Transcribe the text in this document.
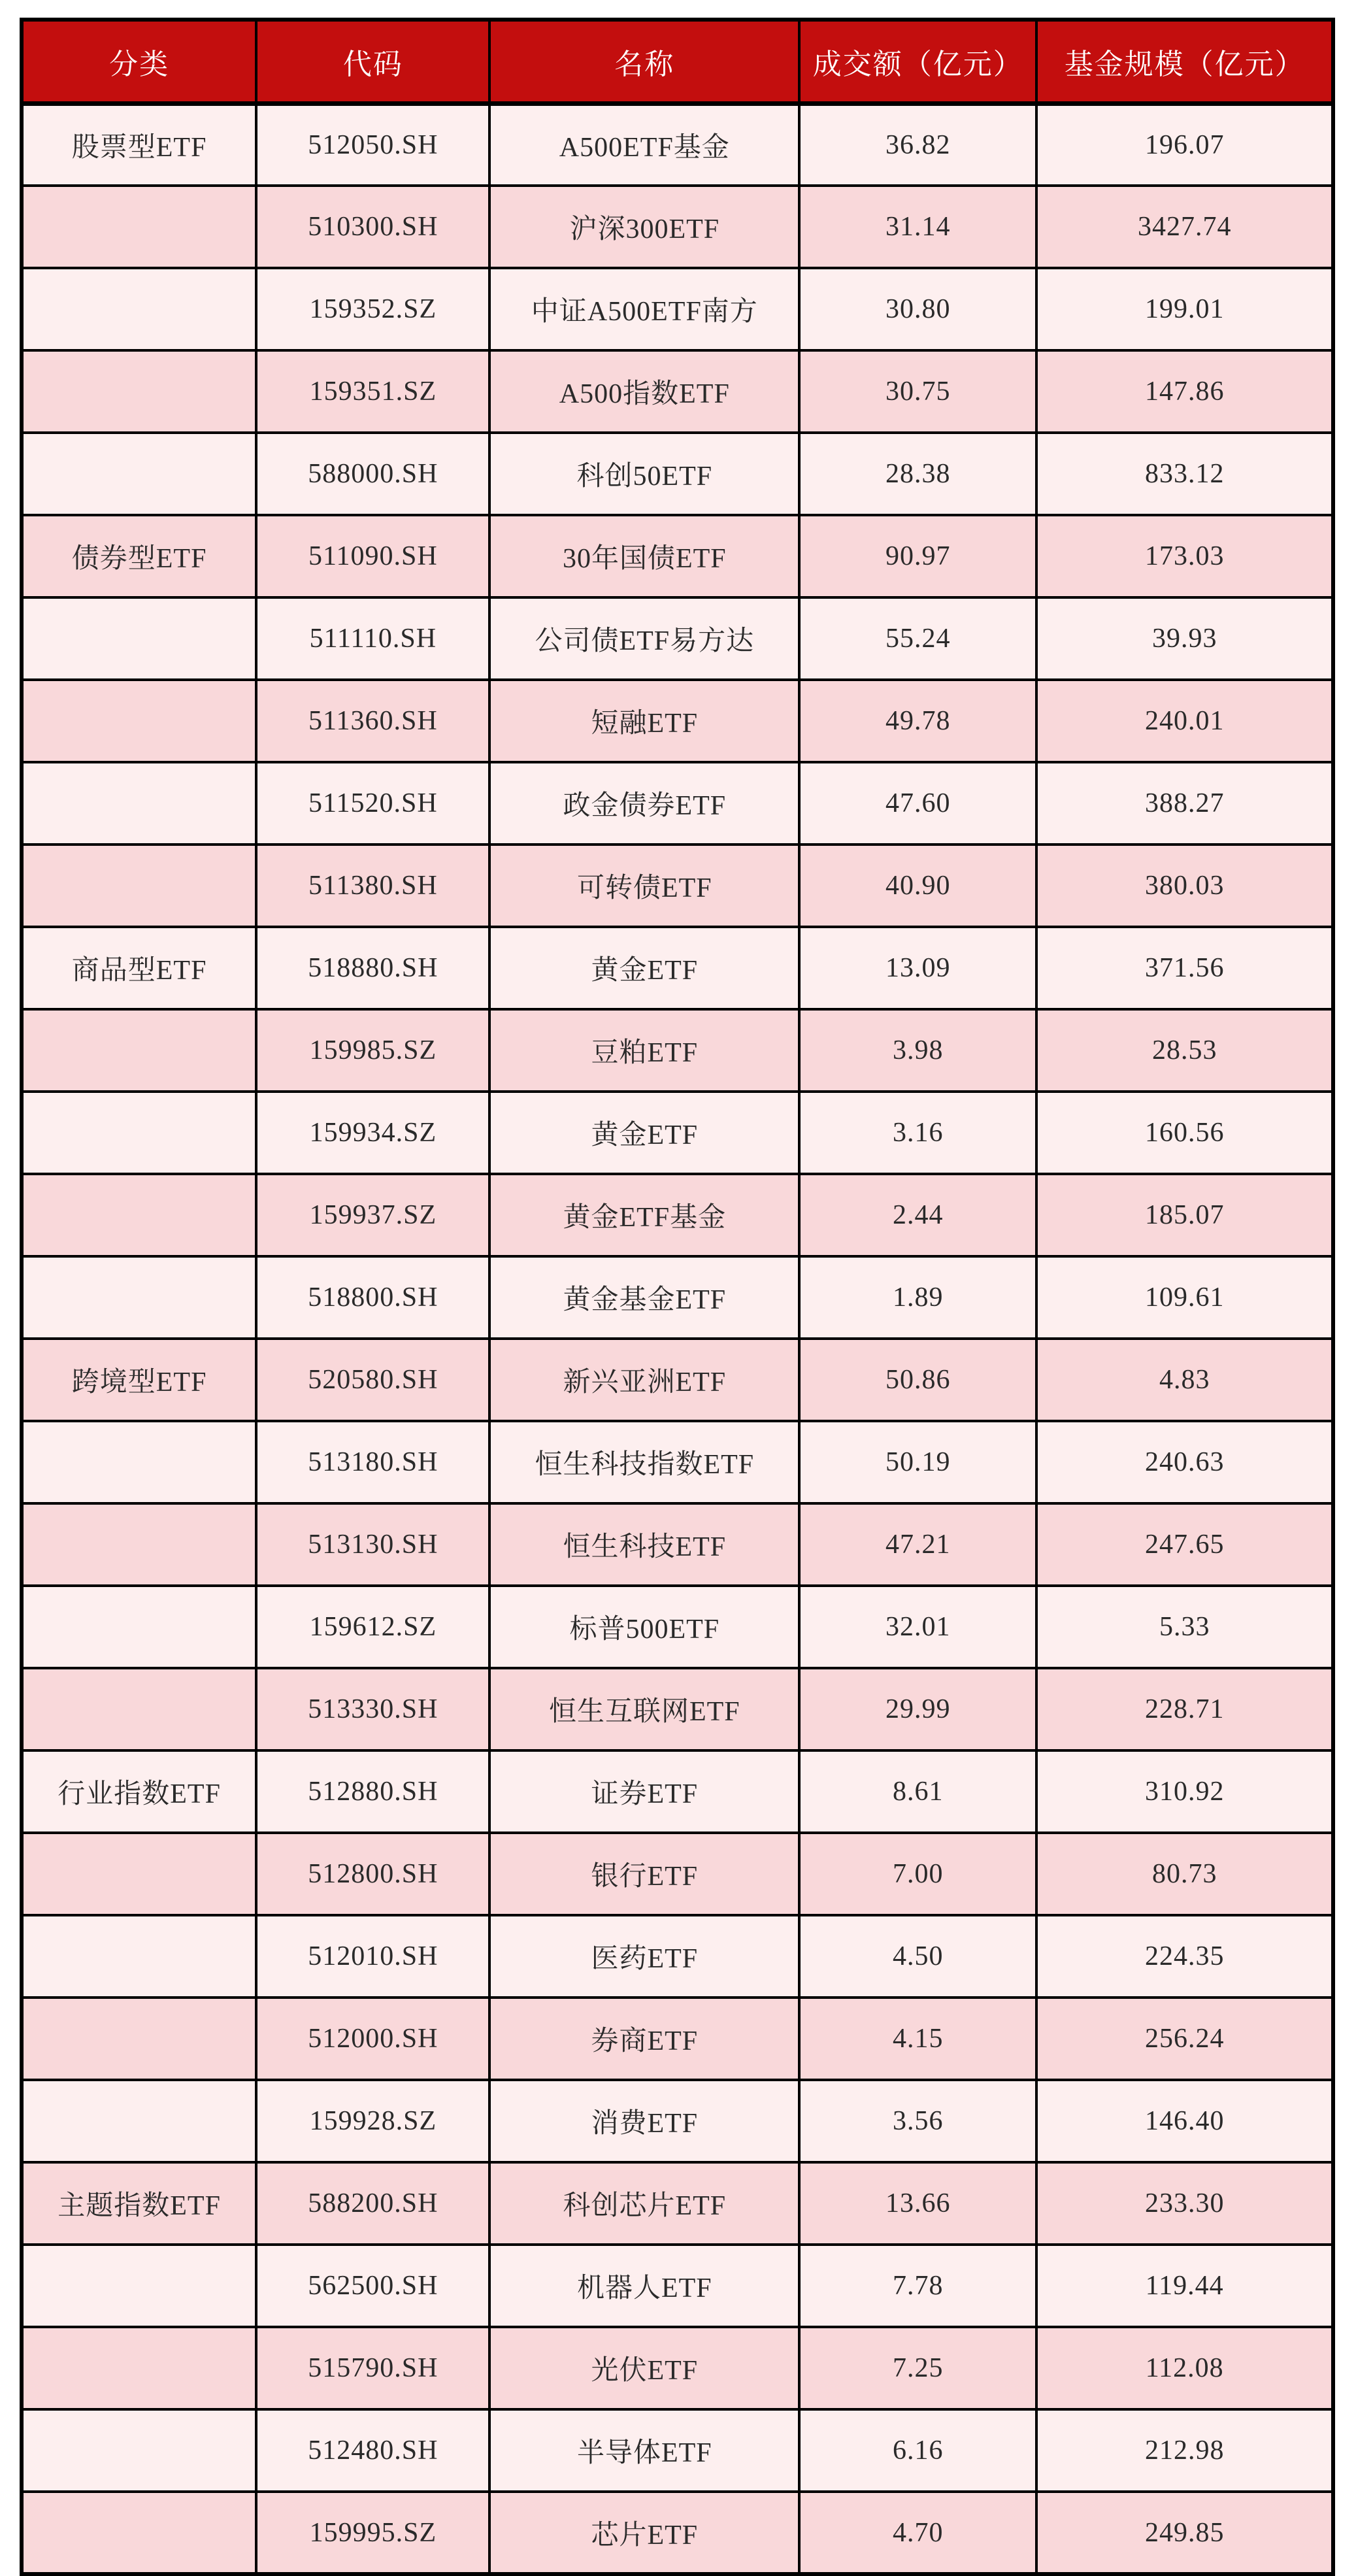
分类	代码	名称	成交额（亿元）	基金规模（亿元）
股票型ETF	512050.SH	A500ETF基金	36.82	196.07
	510300.SH	沪深300ETF	31.14	3427.74
	159352.SZ	中证A500ETF南方	30.80	199.01
	159351.SZ	A500指数ETF	30.75	147.86
	588000.SH	科创50ETF	28.38	833.12
债券型ETF	511090.SH	30年国债ETF	90.97	173.03
	511110.SH	公司债ETF易方达	55.24	39.93
	511360.SH	短融ETF	49.78	240.01
	511520.SH	政金债券ETF	47.60	388.27
	511380.SH	可转债ETF	40.90	380.03
商品型ETF	518880.SH	黄金ETF	13.09	371.56
	159985.SZ	豆粕ETF	3.98	28.53
	159934.SZ	黄金ETF	3.16	160.56
	159937.SZ	黄金ETF基金	2.44	185.07
	518800.SH	黄金基金ETF	1.89	109.61
跨境型ETF	520580.SH	新兴亚洲ETF	50.86	4.83
	513180.SH	恒生科技指数ETF	50.19	240.63
	513130.SH	恒生科技ETF	47.21	247.65
	159612.SZ	标普500ETF	32.01	5.33
	513330.SH	恒生互联网ETF	29.99	228.71
行业指数ETF	512880.SH	证券ETF	8.61	310.92
	512800.SH	银行ETF	7.00	80.73
	512010.SH	医药ETF	4.50	224.35
	512000.SH	券商ETF	4.15	256.24
	159928.SZ	消费ETF	3.56	146.40
主题指数ETF	588200.SH	科创芯片ETF	13.66	233.30
	562500.SH	机器人ETF	7.78	119.44
	515790.SH	光伏ETF	7.25	112.08
	512480.SH	半导体ETF	6.16	212.98
	159995.SZ	芯片ETF	4.70	249.85
